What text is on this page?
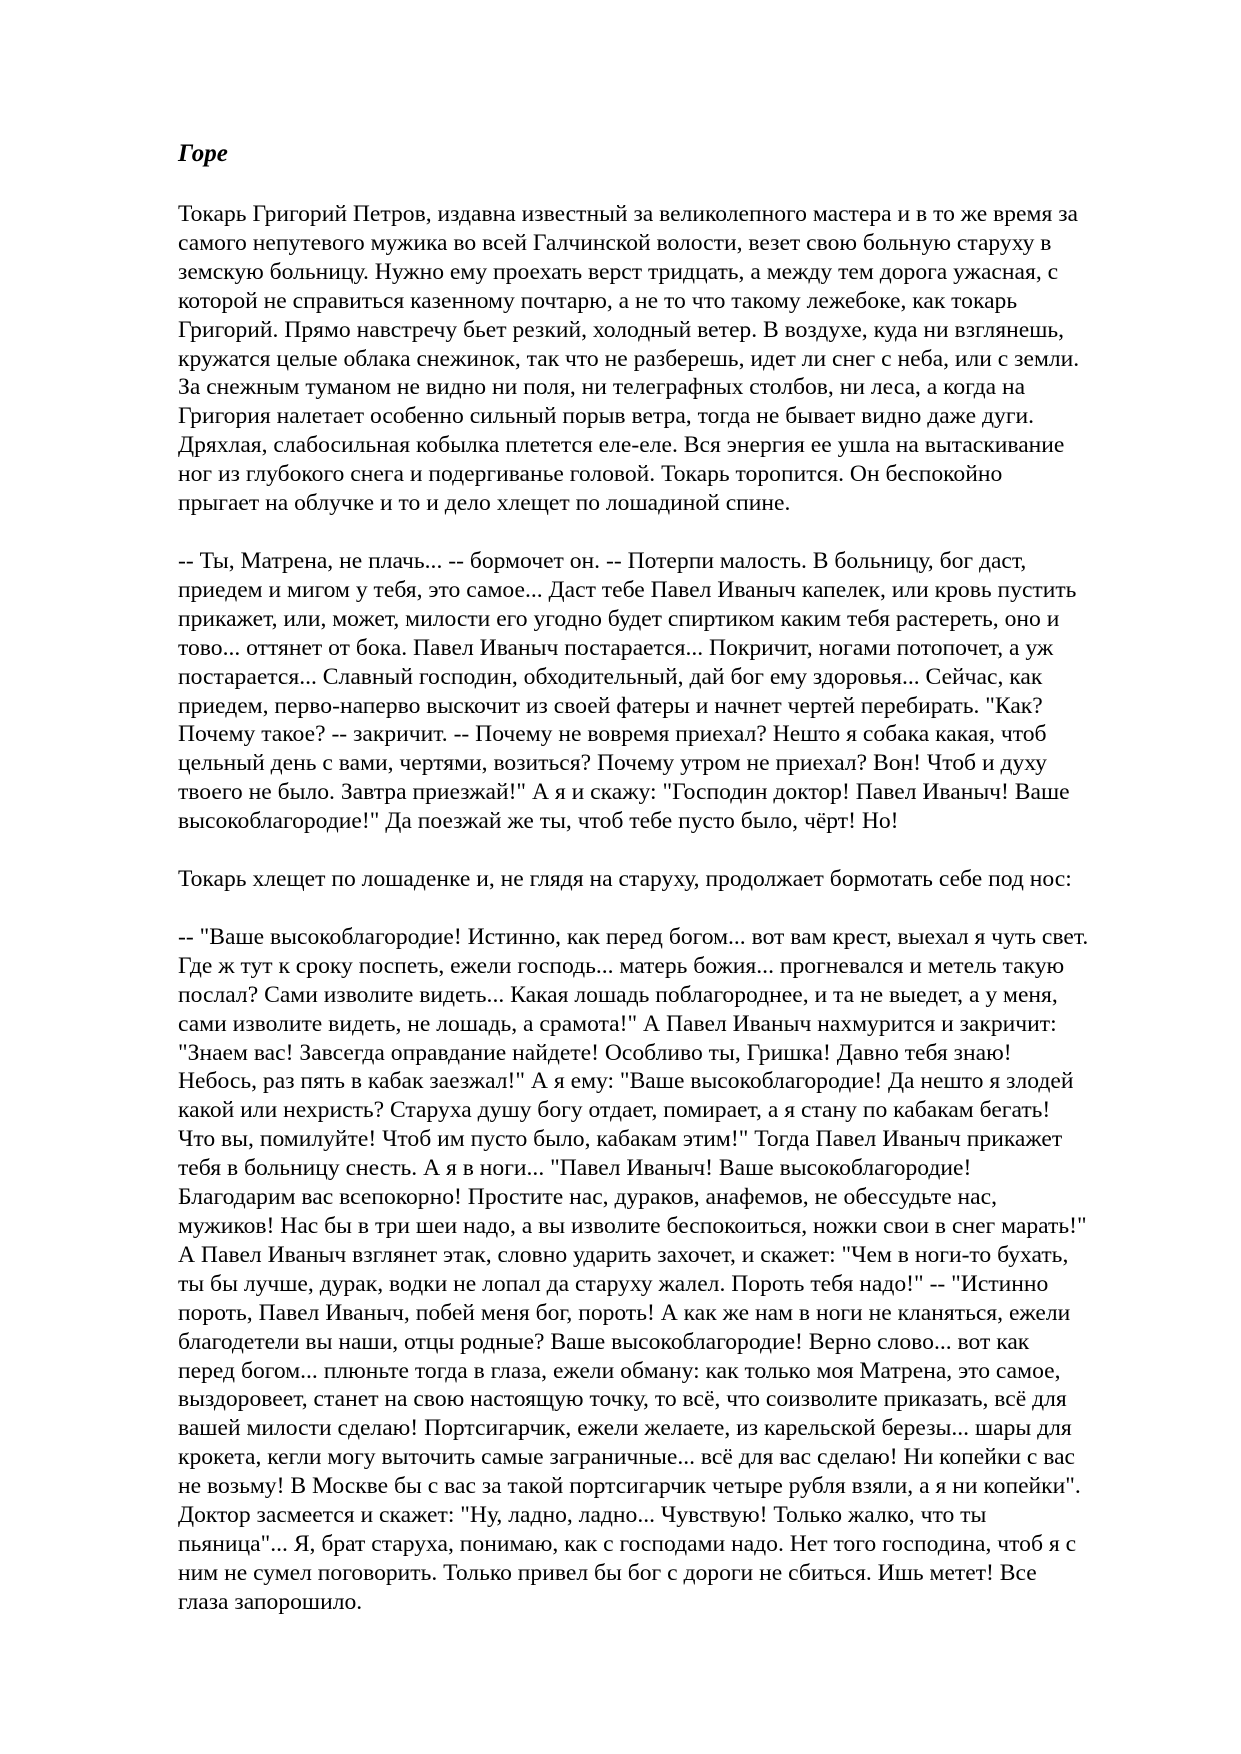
Горе

Токарь Григорий Петров, издавна известный за великолепного мастера и в то же время за
самого непутевого мужика во всей Галчинской волости, везет свою больную старуху в
земскую больницу. Нужно ему проехать верст тридцать, а между тем дорога ужасная, с
которой не справиться казенному почтарю, а не то что такому лежебоке, как токарь
Григорий. Прямо навстречу бьет резкий, холодный ветер. В воздухе, куда ни взглянешь,
кружатся целые облака снежинок, так что не разберешь, идет ли снег с неба, или с земли.
За снежным туманом не видно ни поля, ни телеграфных столбов, ни леса, а когда на
Григория налетает особенно сильный порыв ветра, тогда не бывает видно даже дуги.
Дряхлая, слабосильная кобылка плетется еле-еле. Вся энергия ее ушла на вытаскивание
ног из глубокого снега и подергиванье головой. Токарь торопится. Он беспокойно
прыгает на облучке и то и дело хлещет по лошадиной спине.

-- Ты, Матрена, не плачь... -- бормочет он. -- Потерпи малость. В больницу, бог даст,
приедем и мигом у тебя, это самое... Даст тебе Павел Иваныч капелек, или кровь пустить
прикажет, или, может, милости его угодно будет спиртиком каким тебя растереть, оно и
тово... оттянет от бока. Павел Иваныч постарается... Покричит, ногами потопочет, а уж
постарается... Славный господин, обходительный, дай бог ему здоровья... Сейчас, как
приедем, перво-наперво выскочит из своей фатеры и начнет чертей перебирать. "Как?
Почему такое? -- закричит. -- Почему не вовремя приехал? Нешто я собака какая, чтоб
цельный день с вами, чертями, возиться? Почему утром не приехал? Вон! Чтоб и духу
твоего не было. Завтра приезжай!" А я и скажу: "Господин доктор! Павел Иваныч! Ваше
высокоблагородие!" Да поезжай же ты, чтоб тебе пусто было, чёрт! Но!

Токарь хлещет по лошаденке и, не глядя на старуху, продолжает бормотать себе под нос:

-- "Ваше высокоблагородие! Истинно, как перед богом... вот вам крест, выехал я чуть свет.
Где ж тут к сроку поспеть, ежели господь... матерь божия... прогневался и метель такую
послал? Сами изволите видеть... Какая лошадь поблагороднее, и та не выедет, а у меня,
сами изволите видеть, не лошадь, а срамота!" А Павел Иваныч нахмурится и закричит:
"Знаем вас! Завсегда оправдание найдете! Особливо ты, Гришка! Давно тебя знаю!
Небось, раз пять в кабак заезжал!" А я ему: "Ваше высокоблагородие! Да нешто я злодей
какой или нехристь? Старуха душу богу отдает, помирает, а я стану по кабакам бегать!
Что вы, помилуйте! Чтоб им пусто было, кабакам этим!" Тогда Павел Иваныч прикажет
тебя в больницу снесть. А я в ноги... "Павел Иваныч! Ваше высокоблагородие!
Благодарим вас всепокорно! Простите нас, дураков, анафемов, не обессудьте нас,
мужиков! Нас бы в три шеи надо, а вы изволите беспокоиться, ножки свои в снег марать!"
А Павел Иваныч взглянет этак, словно ударить захочет, и скажет: "Чем в ноги-то бухать,
ты бы лучше, дурак, водки не лопал да старуху жалел. Пороть тебя надо!" -- "Истинно
пороть, Павел Иваныч, побей меня бог, пороть! А как же нам в ноги не кланяться, ежели
благодетели вы наши, отцы родные? Ваше высокоблагородие! Верно слово... вот как
перед богом... плюньте тогда в глаза, ежели обману: как только моя Матрена, это самое,
выздоровеет, станет на свою настоящую точку, то всё, что соизволите приказать, всё для
вашей милости сделаю! Портсигарчик, ежели желаете, из карельской березы... шары для
крокета, кегли могу выточить самые заграничные... всё для вас сделаю! Ни копейки с вас
не возьму! В Москве бы с вас за такой портсигарчик четыре рубля взяли, а я ни копейки".
Доктор засмеется и скажет: "Ну, ладно, ладно... Чувствую! Только жалко, что ты
пьяница"... Я, брат старуха, понимаю, как с господами надо. Нет того господина, чтоб я с
ним не сумел поговорить. Только привел бы бог с дороги не сбиться. Ишь метет! Все
глаза запорошило.
